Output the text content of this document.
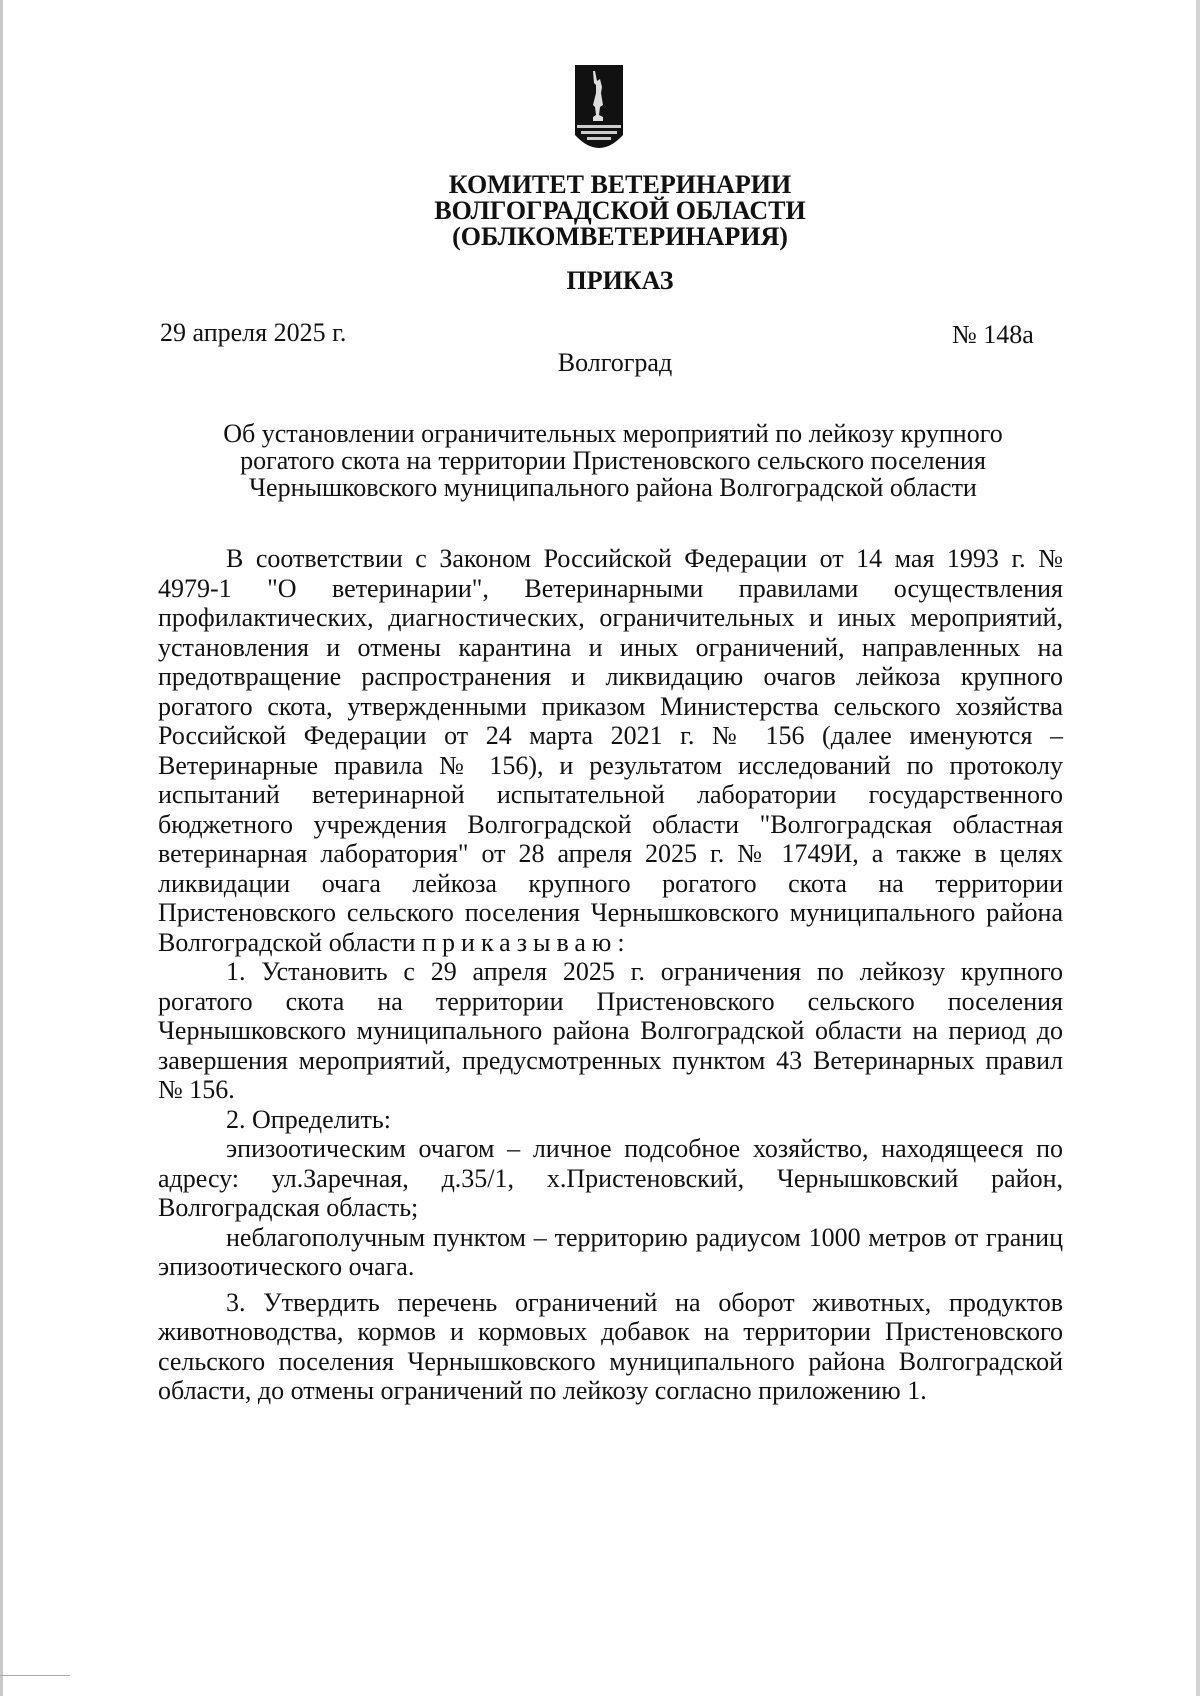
КОМИТЕТ ВЕТЕРИНАРИИ
ВОЛГОГРАДСКОЙ ОБЛАСТИ
(ОБЛКОМВЕТЕРИНАРИЯ)
ПРИКАЗ
29 апреля 2025 г.	№ 148а
Волгоград
Об установлении ограничительных мероприятий по лейкозу крупного
рогатого скота на территории Пристеновского сельского поселения
Чернышковского муниципального района Волгоградской области

В соответствии с Законом Российской Федерации от 14 мая 1993 г. № 4979-1 "О ветеринарии", Ветеринарными правилами осуществления профилактических, диагностических, ограничительных и иных мероприятий, установления и отмены карантина и иных ограничений, направленных на предотвращение распространения и ликвидацию очагов лейкоза крупного рогатого скота, утвержденными приказом Министерства сельского хозяйства Российской Федерации от 24 марта 2021 г. № 156 (далее именуются – Ветеринарные правила № 156), и результатом исследований по протоколу испытаний ветеринарной испытательной лаборатории государственного бюджетного учреждения Волгоградской области "Волгоградская областная ветеринарная лаборатория" от 28 апреля 2025 г. № 1749И, а также в целях ликвидации очага лейкоза крупного рогатого скота на территории Пристеновского сельского поселения Чернышковского муниципального района Волгоградской области приказываю:

1. Установить с 29 апреля 2025 г. ограничения по лейкозу крупного рогатого скота на территории Пристеновского сельского поселения Чернышковского муниципального района Волгоградской области на период до завершения мероприятий, предусмотренных пунктом 43 Ветеринарных правил № 156.

2. Определить:

эпизоотическим очагом – личное подсобное хозяйство, находящееся по адресу: ул.Заречная, д.35/1, х.Пристеновский, Чернышковский район, Волгоградская область;

неблагополучным пунктом – территорию радиусом 1000 метров от границ эпизоотического очага.

3. Утвердить перечень ограничений на оборот животных, продуктов животноводства, кормов и кормовых добавок на территории Пристеновского сельского поселения Чернышковского муниципального района Волгоградской области, до отмены ограничений по лейкозу согласно приложению 1.
